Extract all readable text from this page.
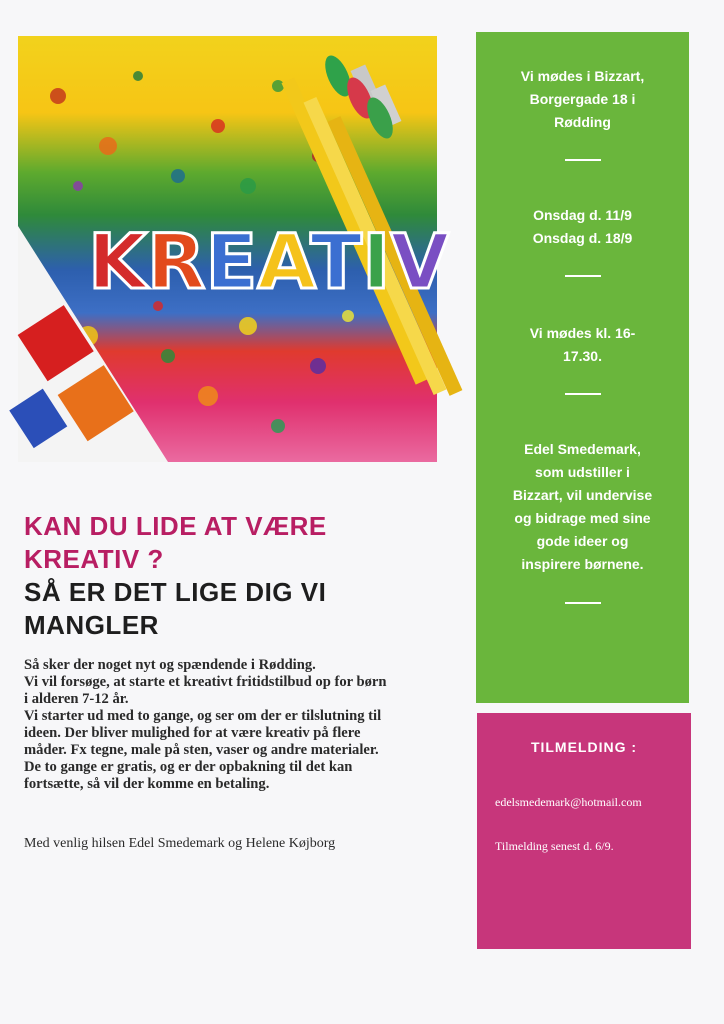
KREATIV
KAN DU LIDE AT VÆRE
KREATIV ?
SÅ ER DET LIGE DIG VI
MANGLER

Så sker der noget nyt og spændende i Rødding.

Vi vil forsøge, at starte et kreativt fritidstilbud op for børn

i alderen 7-12 år.

Vi starter ud med to gange, og ser om der er tilslutning til

ideen. Der bliver mulighed for at være kreativ på flere

måder. Fx tegne, male på sten, vaser og andre materialer.

De to gange er gratis, og er der opbakning til det kan

fortsætte, så vil der komme en betaling.

Med venlig hilsen Edel Smedemark og Helene Køjborg
Vi mødes i Bizzart,
Borgergade 18 i
Rødding
Onsdag d. 11/9
Onsdag d. 18/9
Vi mødes kl. 16-
17.30.
Edel Smedemark,
som udstiller i
Bizzart, vil undervise
og bidrage med sine
gode ideer og
inspirere børnene.
TILMELDING :
edelsmedemark@hotmail.com
Tilmelding senest d. 6/9.
